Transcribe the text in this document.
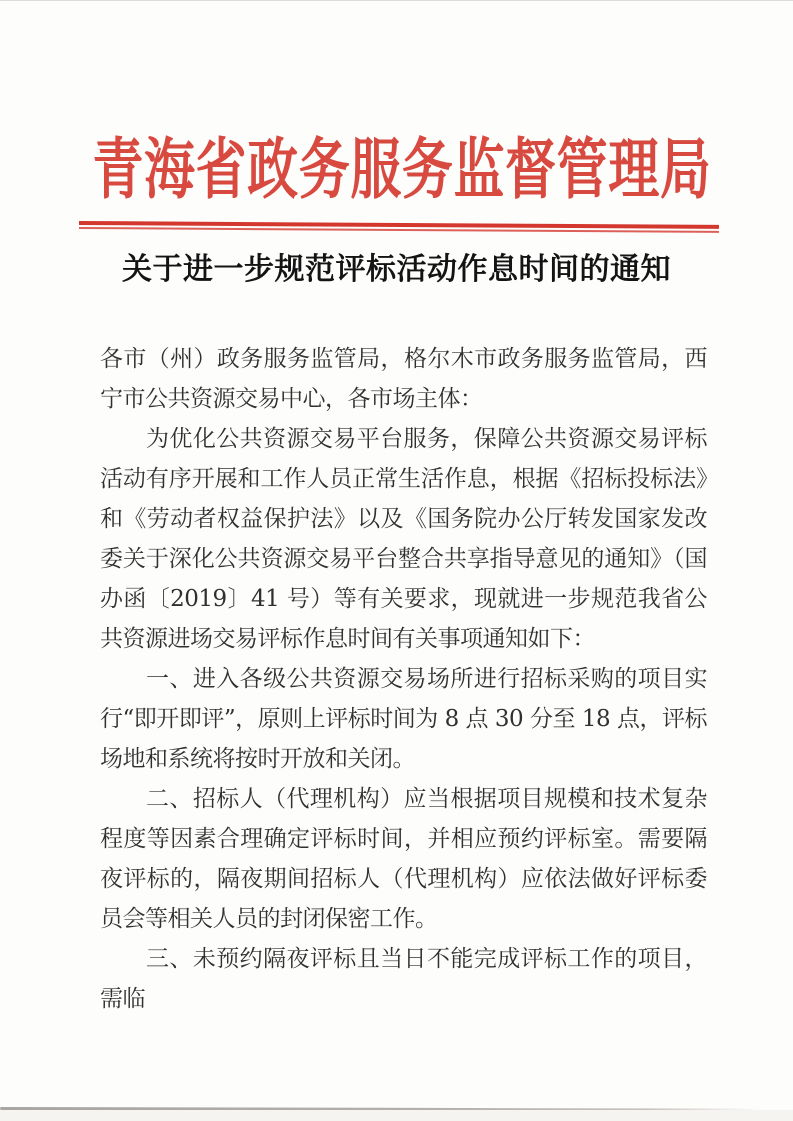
青海省政务服务监督管理局
关于进一步规范评标活动作息时间的通知

各市（州）政务服务监管局，格尔木市政务服务监管局，西宁市公共资源交易中心，各市场主体：

为优化公共资源交易平台服务，保障公共资源交易评标活动有序开展和工作人员正常生活作息，根据《招标投标法》和《劳动者权益保护法》以及《国务院办公厅转发国家发改委关于深化公共资源交易平台整合共享指导意见的通知》（国办函〔2019〕41 号）等有关要求，现就进一步规范我省公共资源进场交易评标作息时间有关事项通知如下：

一、进入各级公共资源交易场所进行招标采购的项目实行“即开即评”，原则上评标时间为 8 点 30 分至 18 点，评标场地和系统将按时开放和关闭。

二、招标人（代理机构）应当根据项目规模和技术复杂程度等因素合理确定评标时间，并相应预约评标室。需要隔夜评标的，隔夜期间招标人（代理机构）应依法做好评标委员会等相关人员的封闭保密工作。

三、未预约隔夜评标且当日不能完成评标工作的项目，需临
